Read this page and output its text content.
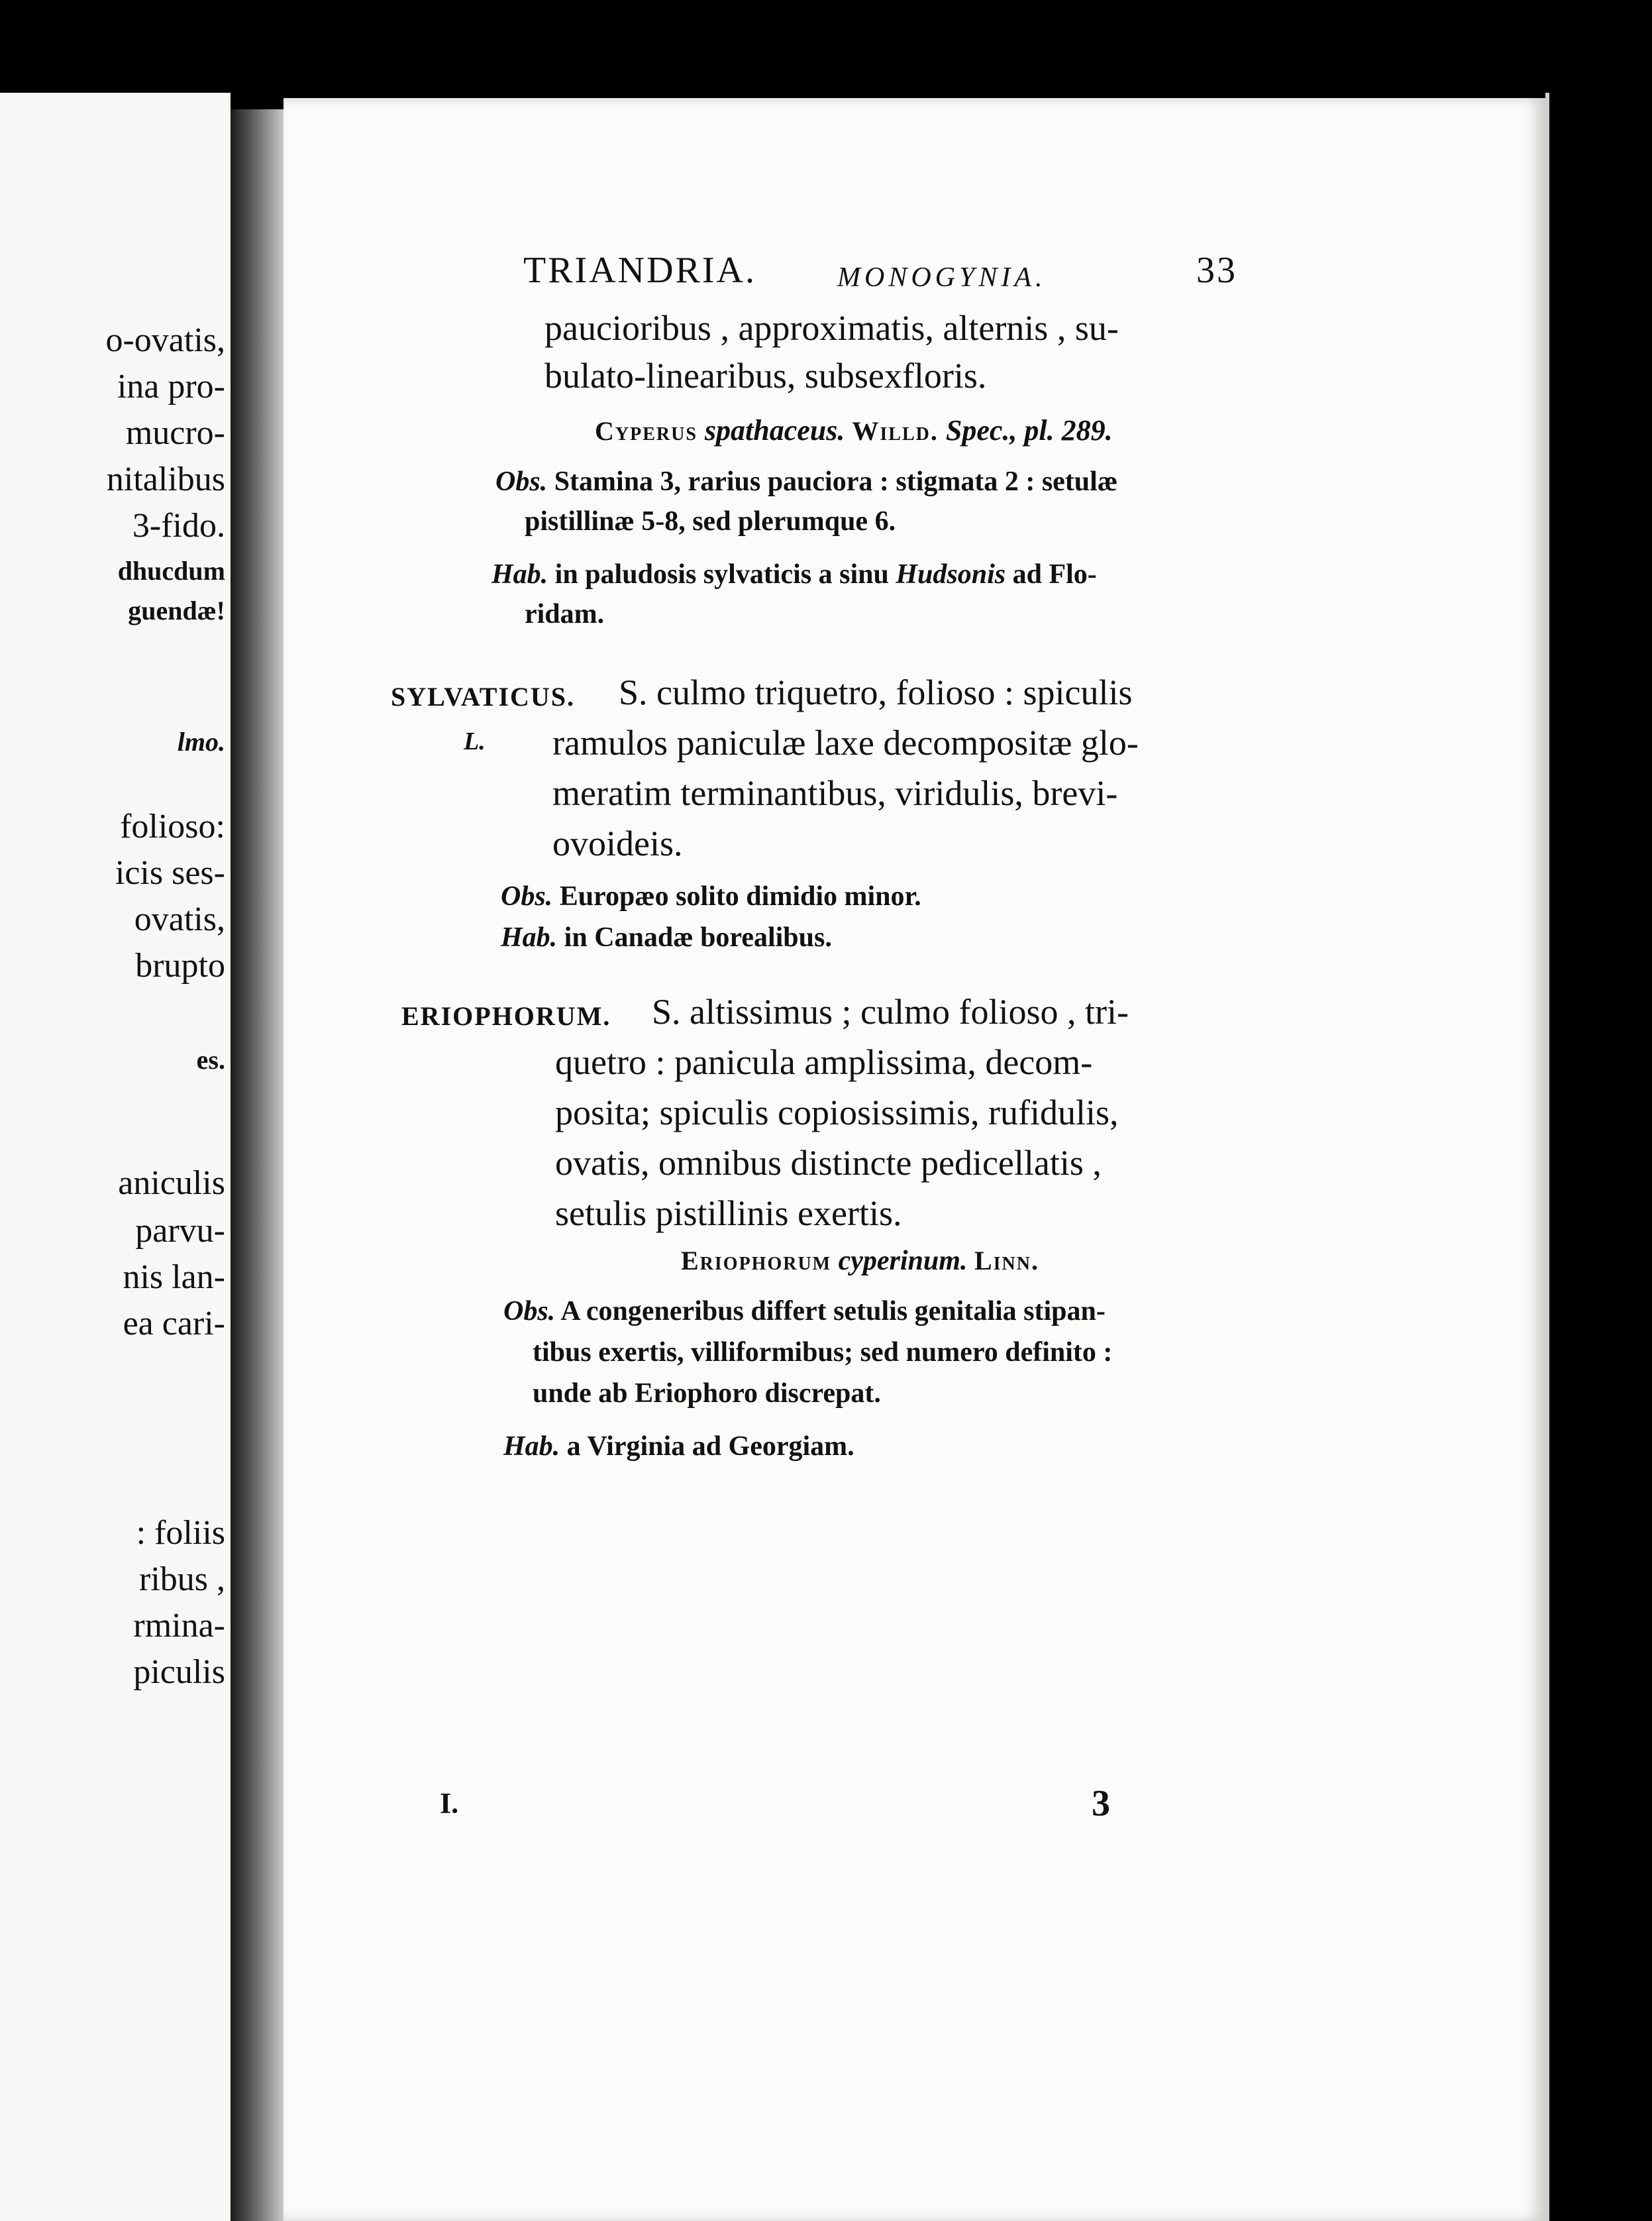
o-ovatis,
ina pro-
mucro-
nitalibus
3-fido.
dhucdum
guendæ!
lmo.
folioso:
icis ses-
ovatis,
brupto
es.
aniculis
parvu-
nis lan-
ea cari-
: foliis
ribus ,
rmina-
piculis
TRIANDRIA.	MONOGYNIA.	33
paucioribus , approximatis, alternis , su-
bulato-linearibus, subsexfloris.
Cyperus spathaceus. Willd. Spec., pl. 289.
Obs. Stamina 3, rarius pauciora : stigmata 2 : setulæ
pistillinæ 5-8, sed plerumque 6.
Hab. in paludosis sylvaticis a sinu Hudsonis ad Flo-
ridam.
SYLVATICUS.
L.
S. culmo triquetro, folioso : spiculis
ramulos paniculæ laxe decompositæ glo-
meratim terminantibus, viridulis, brevi-
ovoideis.
Obs. Europæo solito dimidio minor.
Hab. in Canadæ borealibus.
ERIOPHORUM. S. altissimus ; culmo folioso , tri-
quetro : panicula amplissima, decom-
posita; spiculis copiosissimis, rufidulis,
ovatis, omnibus distincte pedicellatis ,
setulis pistillinis exertis.
Eriophorum cyperinum. Linn.
Obs. A congeneribus differt setulis genitalia stipan-
tibus exertis, villiformibus; sed numero definito :
unde ab Eriophoro discrepat.
Hab. a Virginia ad Georgiam.
I.	3
